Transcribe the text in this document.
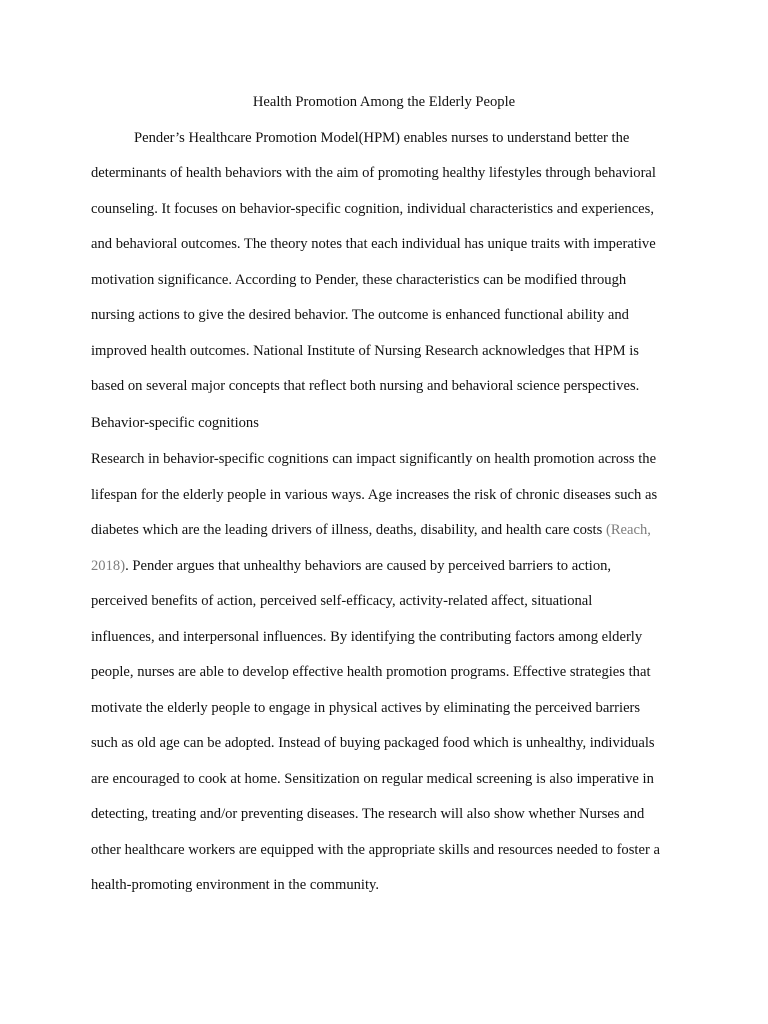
Health Promotion Among the Elderly People

Pender’s Healthcare Promotion Model(HPM) enables nurses to understand better the

determinants of health behaviors with the aim of promoting healthy lifestyles through behavioral

counseling. It focuses on behavior-specific cognition, individual characteristics and experiences,

and behavioral outcomes. The theory notes that each individual has unique traits with imperative

motivation significance. According to Pender, these characteristics can be modified through

nursing actions to give the desired behavior. The outcome is enhanced functional ability and

improved health outcomes. National Institute of Nursing Research acknowledges that HPM is

based on several major concepts that reflect both nursing and behavioral science perspectives.

Behavior-specific cognitions

Research in behavior-specific cognitions can impact significantly on health promotion across the

lifespan for the elderly people in various ways. Age increases the risk of chronic diseases such as

diabetes which are the leading drivers of illness, deaths, disability, and health care costs (Reach,

2018). Pender argues that unhealthy behaviors are caused by perceived barriers to action,

perceived benefits of action, perceived self-efficacy, activity-related affect, situational

influences, and interpersonal influences. By identifying the contributing factors among elderly

people, nurses are able to develop effective health promotion programs. Effective strategies that

motivate the elderly people to engage in physical actives by eliminating the perceived barriers

such as old age can be adopted. Instead of buying packaged food which is unhealthy, individuals

are encouraged to cook at home. Sensitization on regular medical screening is also imperative in

detecting, treating and/or preventing diseases. The research will also show whether Nurses and

other healthcare workers are equipped with the appropriate skills and resources needed to foster a

health-promoting environment in the community.
